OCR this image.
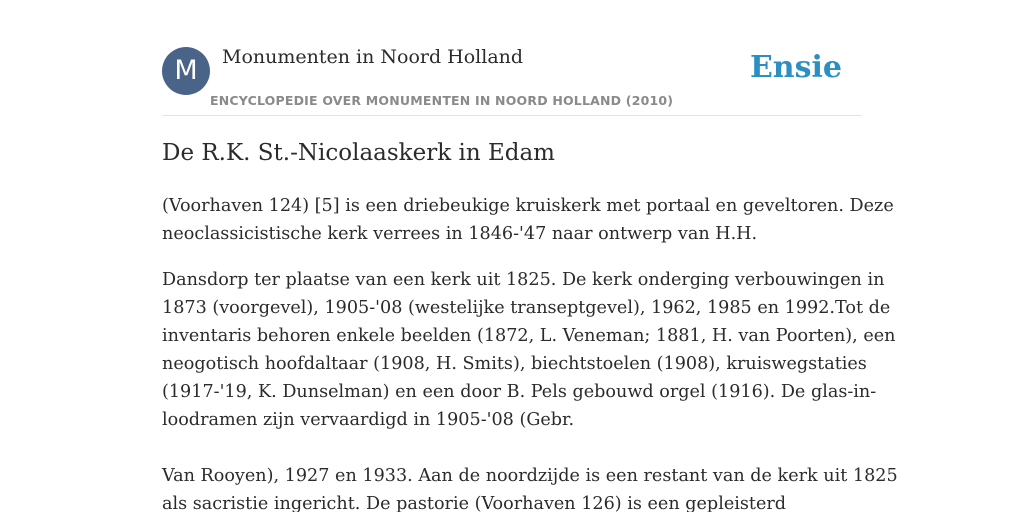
M	Monumenten in Noord Holland
ENCYCLOPEDIE OVER MONUMENTEN IN NOORD HOLLAND (2010)
Ensie
De R.K. St.-Nicolaaskerk in Edam

(Voorhaven 124) [5] is een driebeukige kruiskerk met portaal en geveltoren. Deze
neoclassicistische kerk verrees in 1846-'47 naar ontwerp van H.H.

Dansdorp ter plaatse van een kerk uit 1825. De kerk onderging verbouwingen in
1873 (voorgevel), 1905-'08 (westelijke transeptgevel), 1962, 1985 en 1992.Tot de
inventaris behoren enkele beelden (1872, L. Veneman; 1881, H. van Poorten), een
neogotisch hoofdaltaar (1908, H. Smits), biechtstoelen (1908), kruiswegstaties
(1917-'19, K. Dunselman) en een door B. Pels gebouwd orgel (1916). De glas-in-
loodramen zijn vervaardigd in 1905-'08 (Gebr.
Van Rooyen), 1927 en 1933. Aan de noordzijde is een restant van de kerk uit 1825
als sacristie ingericht. De pastorie (Voorhaven 126) is een gepleisterd
